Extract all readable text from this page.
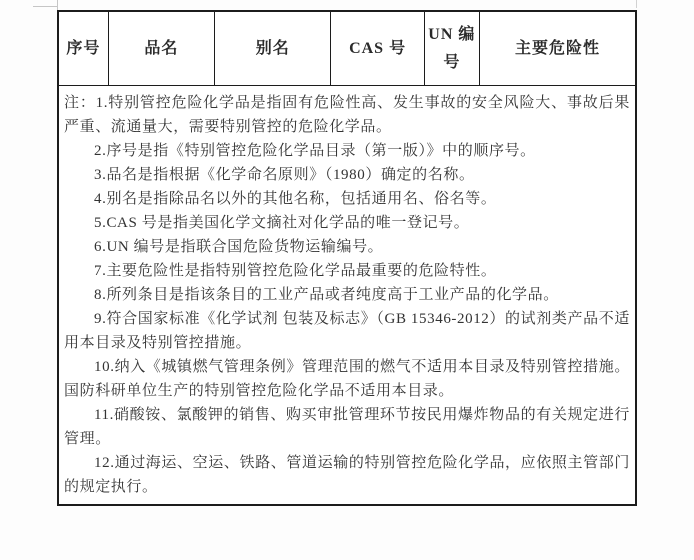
序号	品名	别名	CAS 号	UN 编号	主要危险性

注：1.特别管控危险化学品是指固有危险性高、发生事故的安全风险大、事故后果严重、流通量大，需要特别管控的危险化学品。

2.序号是指《特别管控危险化学品目录（第一版）》中的顺序号。

3.品名是指根据《化学命名原则》（1980）确定的名称。

4.别名是指除品名以外的其他名称，包括通用名、俗名等。

5.CAS 号是指美国化学文摘社对化学品的唯一登记号。

6.UN 编号是指联合国危险货物运输编号。

7.主要危险性是指特别管控危险化学品最重要的危险特性。

8.所列条目是指该条目的工业产品或者纯度高于工业产品的化学品。

9.符合国家标准《化学试剂 包装及标志》（GB 15346-2012）的试剂类产品不适用本目录及特别管控措施。

10.纳入《城镇燃气管理条例》管理范围的燃气不适用本目录及特别管控措施。国防科研单位生产的特别管控危险化学品不适用本目录。

11.硝酸铵、氯酸钾的销售、购买审批管理环节按民用爆炸物品的有关规定进行管理。

12.通过海运、空运、铁路、管道运输的特别管控危险化学品，应依照主管部门的规定执行。
